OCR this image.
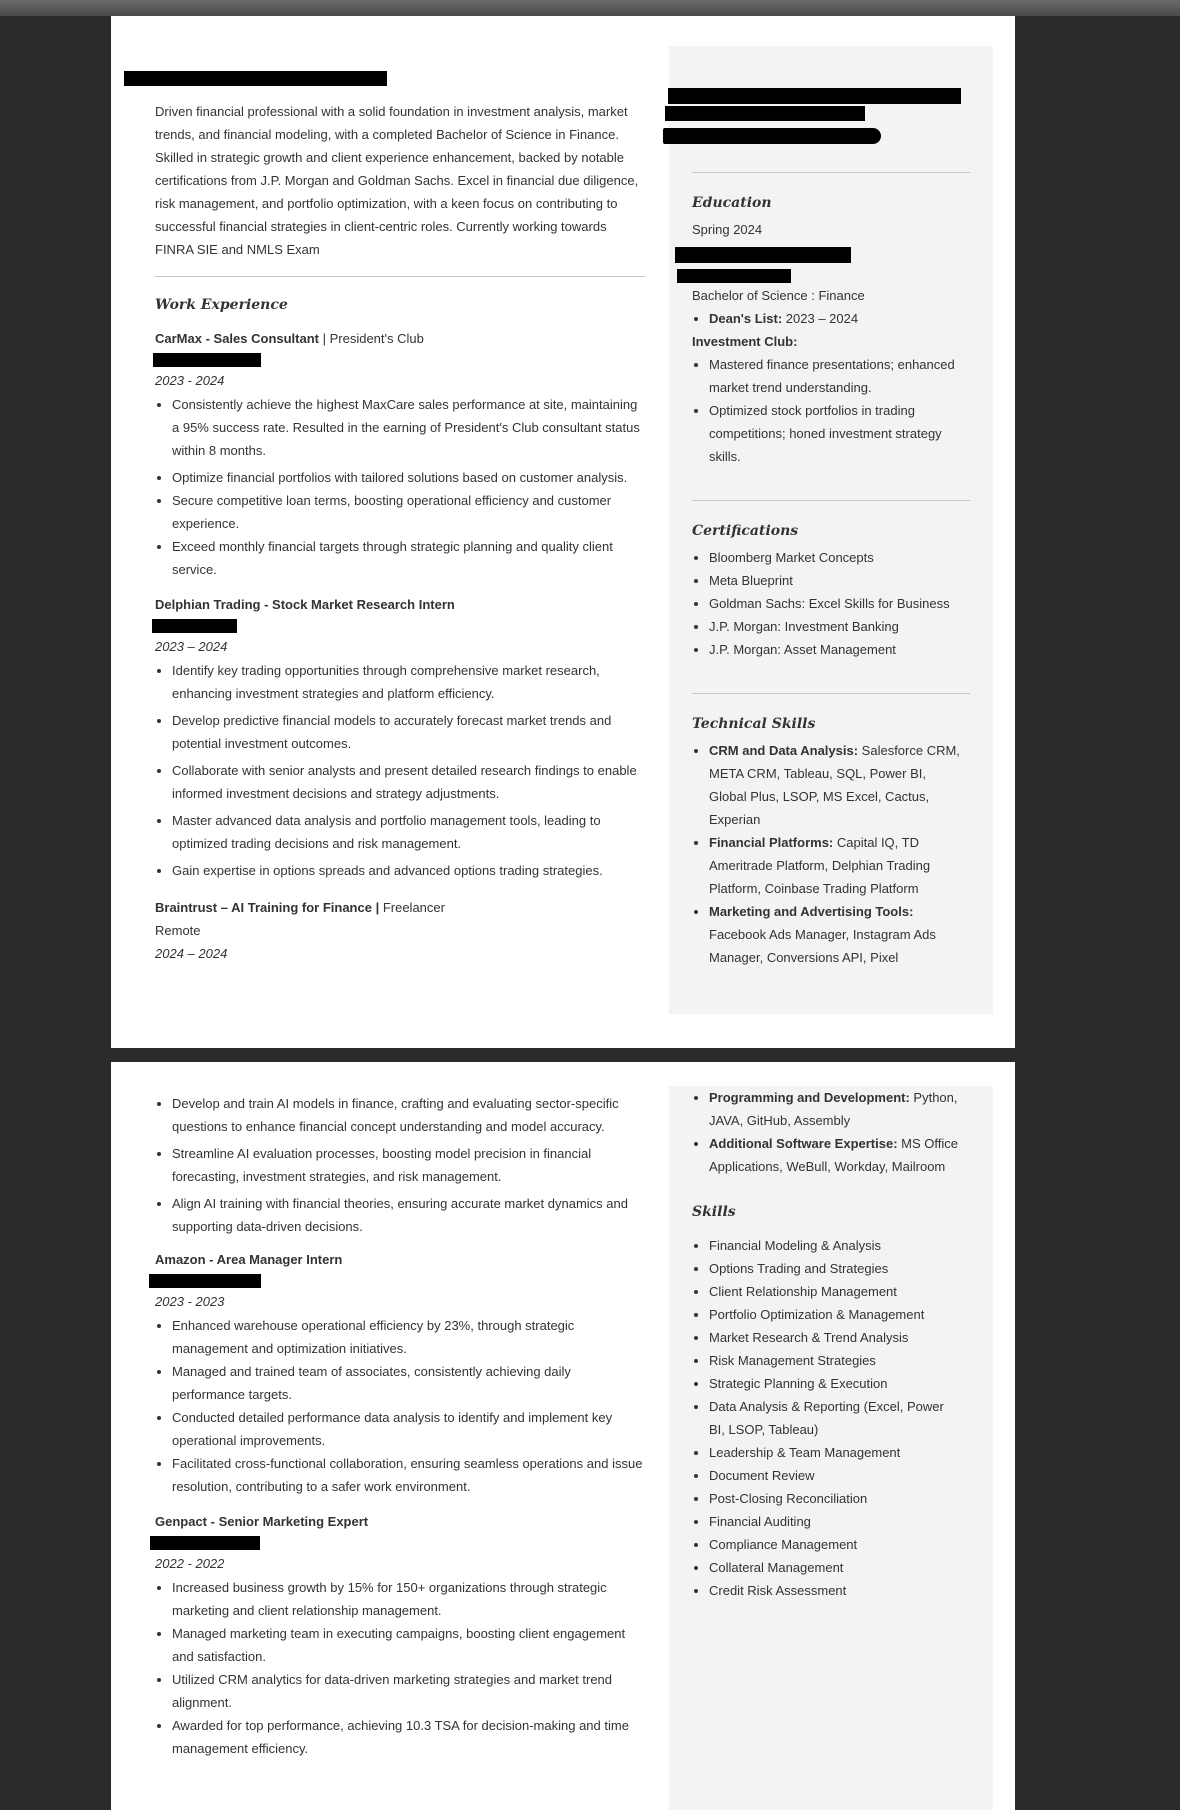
Driven financial professional with a solid foundation in investment analysis, market trends, and financial modeling, with a completed Bachelor of Science in Finance. Skilled in strategic growth and client experience enhancement, backed by notable certifications from J.P. Morgan and Goldman Sachs. Excel in financial due diligence, risk management, and portfolio optimization, with a keen focus on contributing to successful financial strategies in client-centric roles. Currently working towards FINRA SIE and NMLS Exam

Work Experience
CarMax - Sales Consultant | President's Club
2023 - 2024
• Consistently achieve the highest MaxCare sales performance at site, maintaining a 95% success rate. Resulted in the earning of President's Club consultant status within 8 months.
• Optimize financial portfolios with tailored solutions based on customer analysis.
• Secure competitive loan terms, boosting operational efficiency and customer experience.
• Exceed monthly financial targets through strategic planning and quality client service.
Delphian Trading - Stock Market Research Intern
2023 – 2024
• Identify key trading opportunities through comprehensive market research, enhancing investment strategies and platform efficiency.
• Develop predictive financial models to accurately forecast market trends and potential investment outcomes.
• Collaborate with senior analysts and present detailed research findings to enable informed investment decisions and strategy adjustments.
• Master advanced data analysis and portfolio management tools, leading to optimized trading decisions and risk management.
• Gain expertise in options spreads and advanced options trading strategies.
Braintrust – AI Training for Finance | Freelancer
Remote
2024 – 2024
Education
Spring 2024
Bachelor of Science : Finance
• Dean's List: 2023 – 2024
Investment Club:
• Mastered finance presentations; enhanced market trend understanding.
• Optimized stock portfolios in trading competitions; honed investment strategy skills.
Certifications
• Bloomberg Market Concepts
• Meta Blueprint
• Goldman Sachs: Excel Skills for Business
• J.P. Morgan: Investment Banking
• J.P. Morgan: Asset Management
Technical Skills
• CRM and Data Analysis: Salesforce CRM, META CRM, Tableau, SQL, Power BI, Global Plus, LSOP, MS Excel, Cactus, Experian
• Financial Platforms: Capital IQ, TD Ameritrade Platform, Delphian Trading Platform, Coinbase Trading Platform
• Marketing and Advertising Tools: Facebook Ads Manager, Instagram Ads Manager, Conversions API, Pixel
• Develop and train AI models in finance, crafting and evaluating sector-specific questions to enhance financial concept understanding and model accuracy.
• Streamline AI evaluation processes, boosting model precision in financial forecasting, investment strategies, and risk management.
• Align AI training with financial theories, ensuring accurate market dynamics and supporting data-driven decisions.
Amazon - Area Manager Intern
2023 - 2023
• Enhanced warehouse operational efficiency by 23%, through strategic management and optimization initiatives.
• Managed and trained team of associates, consistently achieving daily performance targets.
• Conducted detailed performance data analysis to identify and implement key operational improvements.
• Facilitated cross-functional collaboration, ensuring seamless operations and issue resolution, contributing to a safer work environment.
Genpact - Senior Marketing Expert
2022 - 2022
• Increased business growth by 15% for 150+ organizations through strategic marketing and client relationship management.
• Managed marketing team in executing campaigns, boosting client engagement and satisfaction.
• Utilized CRM analytics for data-driven marketing strategies and market trend alignment.
• Awarded for top performance, achieving 10.3 TSA for decision-making and time management efficiency.
• Programming and Development: Python, JAVA, GitHub, Assembly
• Additional Software Expertise: MS Office Applications, WeBull, Workday, Mailroom
Skills
• Financial Modeling & Analysis
• Options Trading and Strategies
• Client Relationship Management
• Portfolio Optimization & Management
• Market Research & Trend Analysis
• Risk Management Strategies
• Strategic Planning & Execution
• Data Analysis & Reporting (Excel, Power BI, LSOP, Tableau)
• Leadership & Team Management
• Document Review
• Post-Closing Reconciliation
• Financial Auditing
• Compliance Management
• Collateral Management
• Credit Risk Assessment
